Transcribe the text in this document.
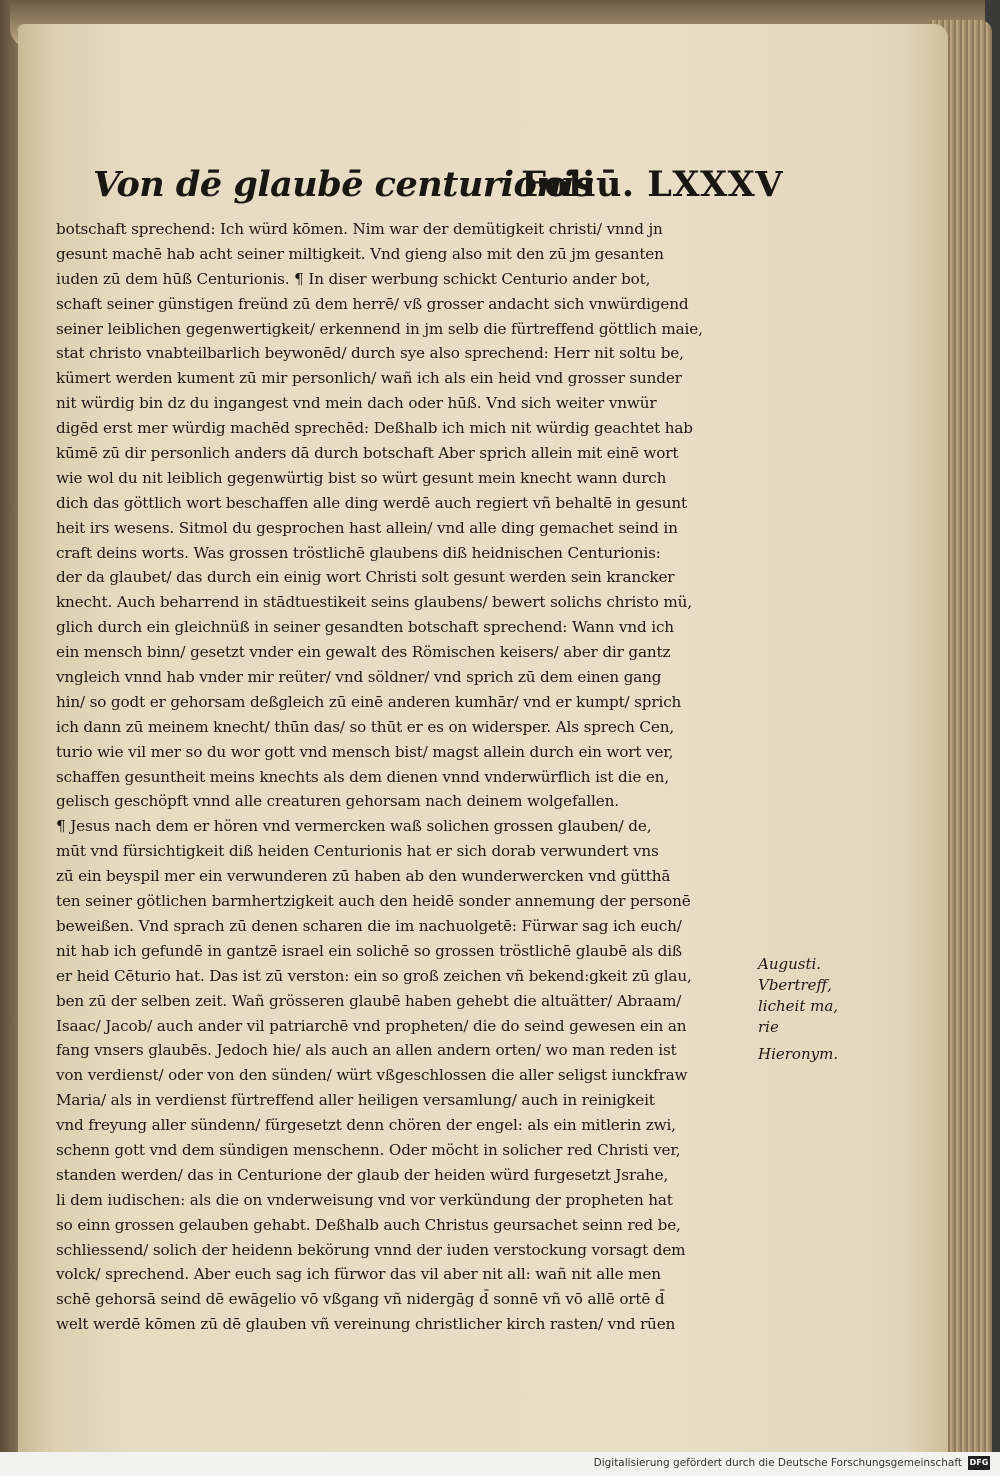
Von dē glaubē centurionis
Foliū. LXXXV
botschaft sprechend: Ich würd kōmen. Nim war der demütigkeit christi/ vnnd jn
gesunt machē hab acht seiner miltigkeit. Vnd gieng also mit den zū jm gesanten
iuden zū dem hūß Centurionis. ¶ In diser werbung schickt Centurio ander bot,
schaft seiner günstigen freünd zū dem herrē/ vß grosser andacht sich vnwürdigend
seiner leiblichen gegenwertigkeit/ erkennend in jm selb die fürtreffend göttlich maie,
stat christo vnabteilbarlich beywonēd/ durch sye also sprechend: Herr nit soltu be,
kümert werden kument zū mir personlich/ wañ ich als ein heid vnd grosser sunder
nit würdig bin dz du ingangest vnd mein dach oder hūß. Vnd sich weiter vnwür
digēd erst mer würdig machēd sprechēd: Deßhalb ich mich nit würdig geachtet hab
kūmē zū dir personlich anders dā durch botschaft Aber sprich allein mit einē wort
wie wol du nit leiblich gegenwürtig bist so würt gesunt mein knecht wann durch
dich das göttlich wort beschaffen alle ding werdē auch regiert vñ behaltē in gesunt
heit irs wesens. Sitmol du gesprochen hast allein/ vnd alle ding gemachet seind in
craft deins worts. Was grossen tröstlichē glaubens diß heidnischen Centurionis:
der da glaubet/ das durch ein einig wort Christi solt gesunt werden sein krancker
knecht. Auch beharrend in stādtuestikeit seins glaubens/ bewert solichs christo mü,
glich durch ein gleichnüß in seiner gesandten botschaft sprechend: Wann vnd ich
ein mensch binn/ gesetzt vnder ein gewalt des Römischen keisers/ aber dir gantz
vngleich vnnd hab vnder mir reüter/ vnd söldner/ vnd sprich zū dem einen gang
hin/ so godt er gehorsam deßgleich zū einē anderen kumhār/ vnd er kumpt/ sprich
ich dann zū meinem knecht/ thūn das/ so thūt er es on widersper. Als sprech Cen,
turio wie vil mer so du wor gott vnd mensch bist/ magst allein durch ein wort ver,
schaffen gesuntheit meins knechts als dem dienen vnnd vnderwürflich ist die en,
gelisch geschöpft vnnd alle creaturen gehorsam nach deinem wolgefallen.
¶ Jesus nach dem er hören vnd vermercken waß solichen grossen glauben/ de,
mūt vnd fürsichtigkeit diß heiden Centurionis hat er sich dorab verwundert vns
zū ein beyspil mer ein verwunderen zū haben ab den wunderwercken vnd gütthā
ten seiner götlichen barmhertzigkeit auch den heidē sonder annemung der personē
beweißen. Vnd sprach zū denen scharen die im nachuolgetē: Fürwar sag ich euch/
nit hab ich gefundē in gantzē israel ein solichē so grossen tröstlichē glaubē als diß
er heid Cēturio hat. Das ist zū verston: ein so groß zeichen vñ bekend:gkeit zū glau,
ben zū der selben zeit. Wañ grösseren glaubē haben gehebt die altuätter/ Abraam/
Isaac/ Jacob/ auch ander vil patriarchē vnd propheten/ die do seind gewesen ein an
fang vnsers glaubēs. Jedoch hie/ als auch an allen andern orten/ wo man reden ist
von verdienst/ oder von den sünden/ würt vßgeschlossen die aller seligst iunckfraw
Maria/ als in verdienst fürtreffend aller heiligen versamlung/ auch in reinigkeit
vnd freyung aller sündenn/ fürgesetzt denn chören der engel: als ein mitlerin zwi,
schenn gott vnd dem sündigen menschenn. Oder möcht in solicher red Christi ver,
standen werden/ das in Centurione der glaub der heiden würd furgesetzt Jsrahe,
li dem iudischen: als die on vnderweisung vnd vor verkündung der propheten hat
so einn grossen gelauben gehabt. Deßhalb auch Christus geursachet seinn red be,
schliessend/ solich der heidenn bekörung vnnd der iuden verstockung vorsagt dem
volck/ sprechend. Aber euch sag ich fürwor das vil aber nit all: wañ nit alle men
schē gehorsā seind dē ewāgelio vō vßgang vñ nidergāg d̄ sonnē vñ vō allē ortē d̄
welt werdē kōmen zū dē glauben vñ vereinung christlicher kirch rasten/ vnd rūen
Augusti.
Vbertreff,
licheit ma,
rie
Hieronym.
Digitalisierung gefördert durch die Deutsche Forschungsgemeinschaft DFG
